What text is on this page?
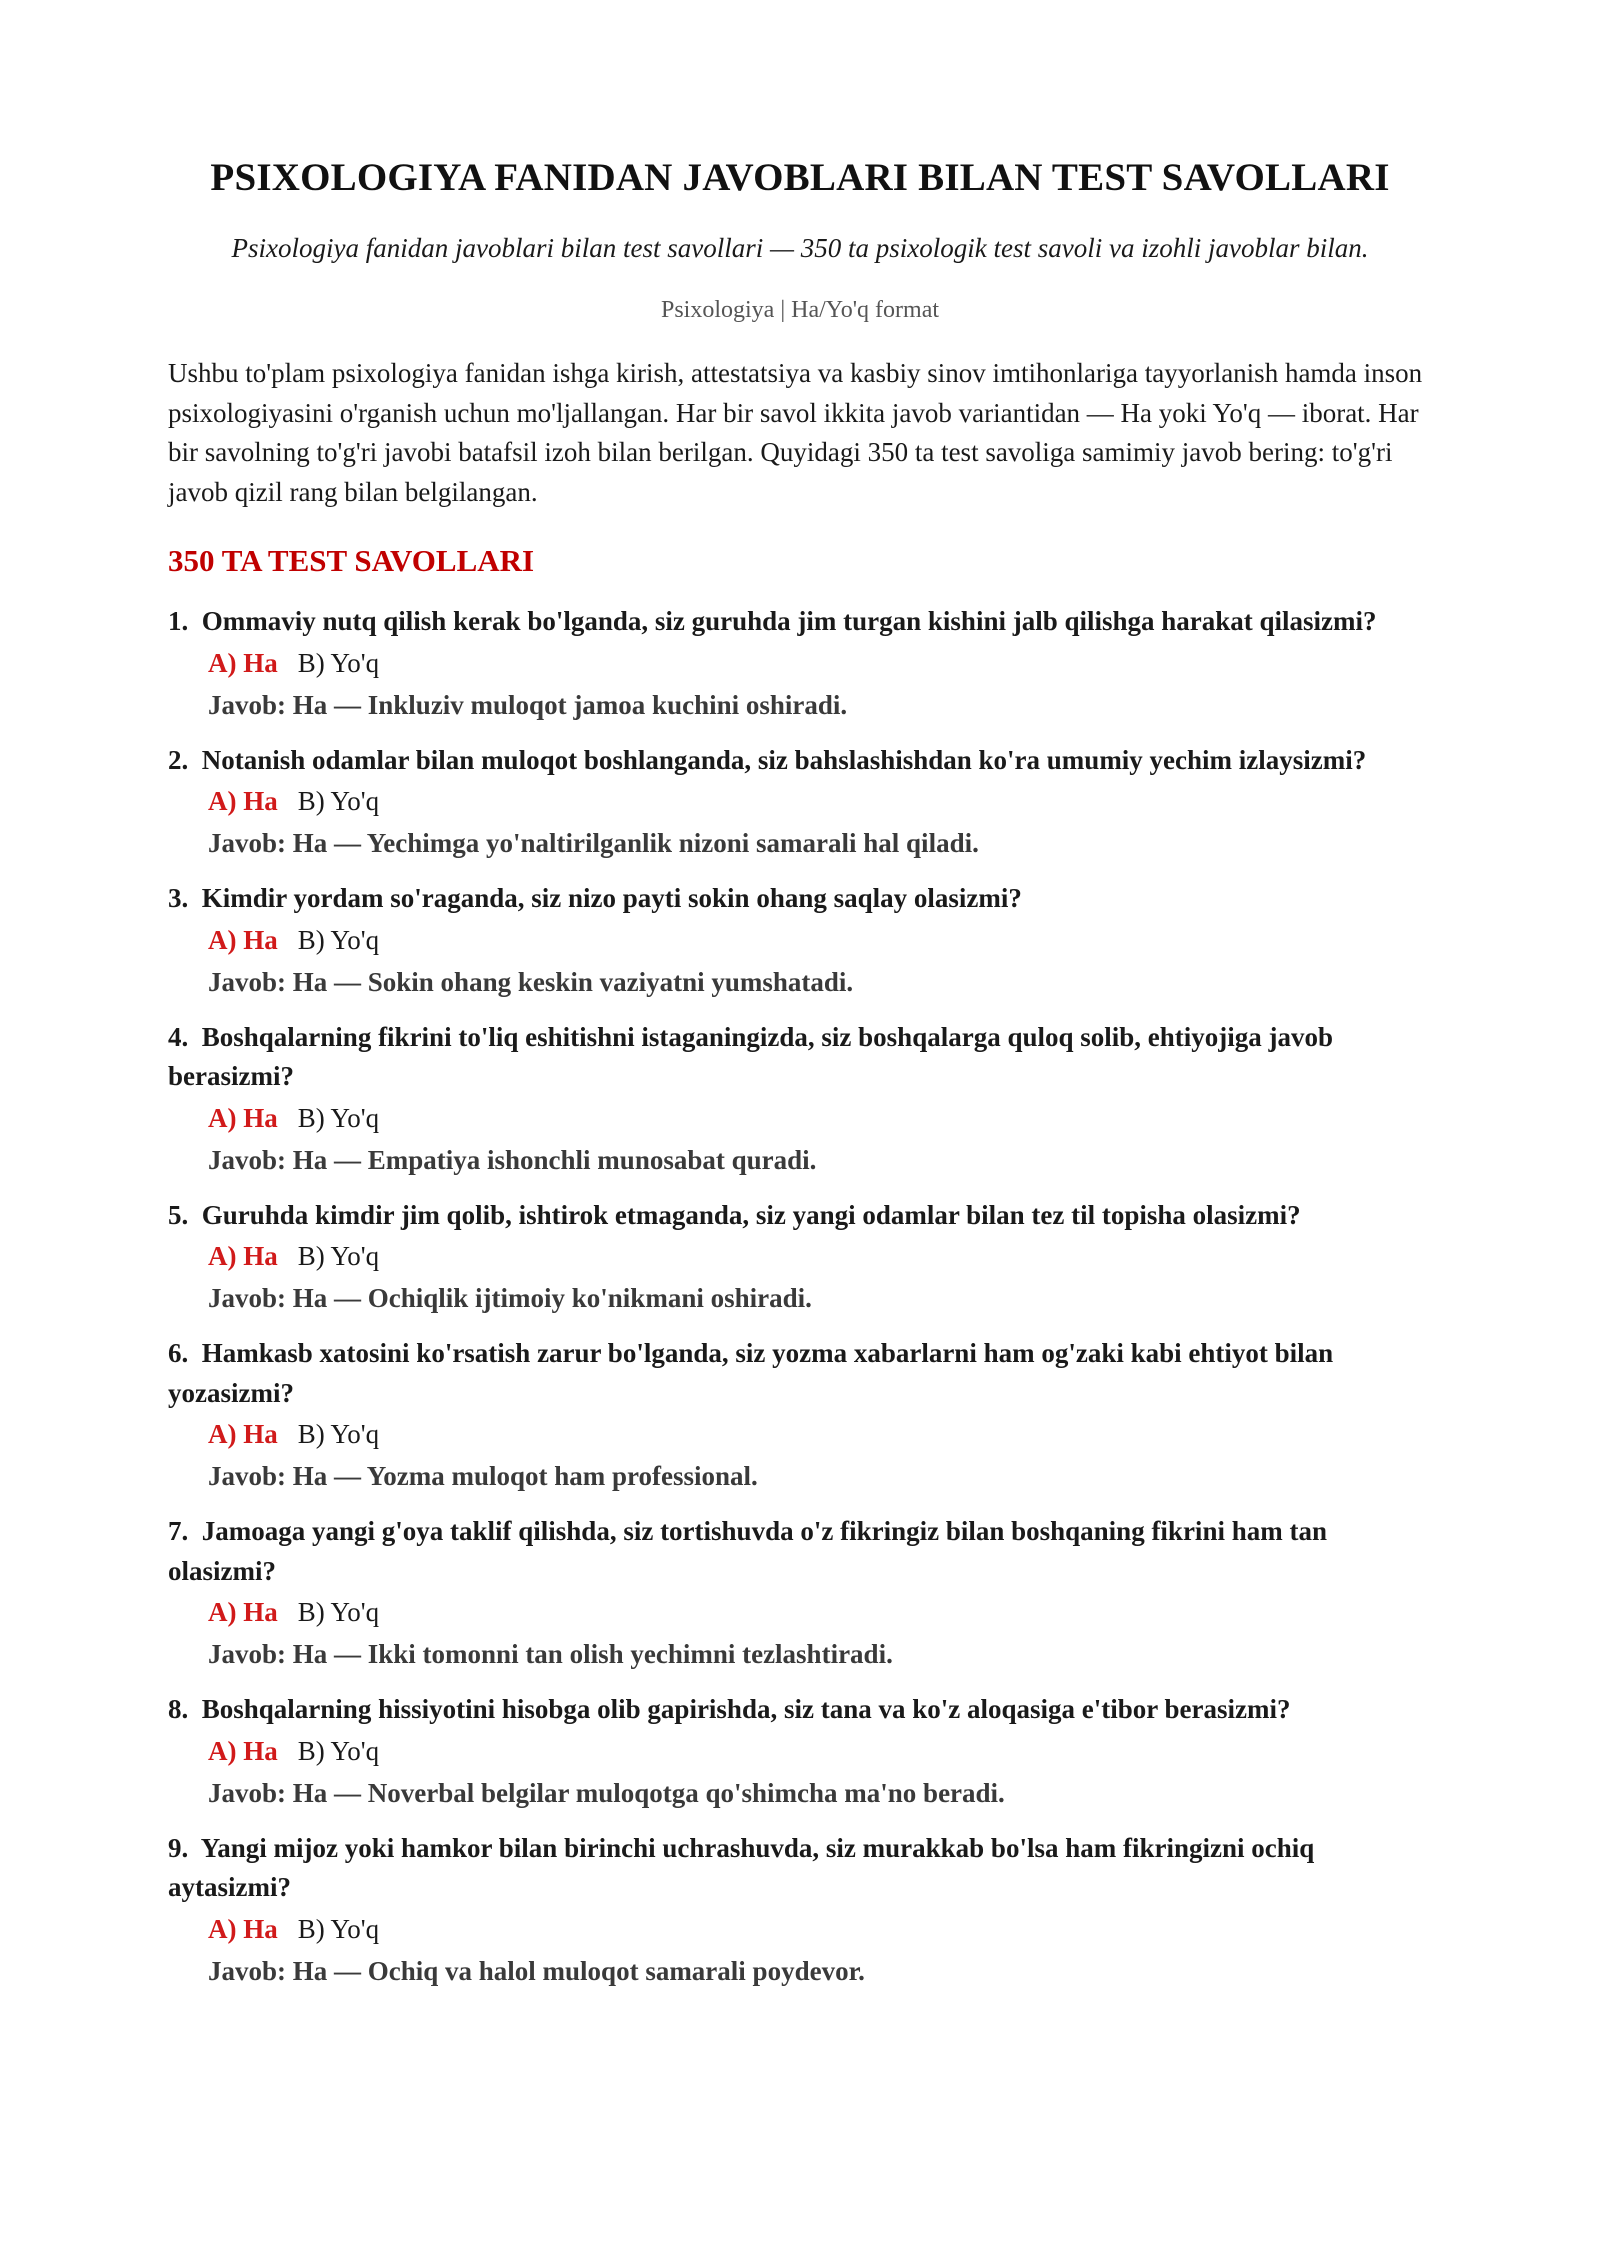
PSIXOLOGIYA FANIDAN JAVOBLARI BILAN TEST SAVOLLARI

Psixologiya fanidan javoblari bilan test savollari — 350 ta psixologik test savoli va izohli javoblar bilan.

Psixologiya | Ha/Yo'q format

Ushbu to'plam psixologiya fanidan ishga kirish, attestatsiya va kasbiy sinov imtihonlariga tayyorlanish hamda inson psixologiyasini o'rganish uchun mo'ljallangan. Har bir savol ikkita javob variantidan — Ha yoki Yo'q — iborat. Har bir savolning to'g'ri javobi batafsil izoh bilan berilgan. Quyidagi 350 ta test savoliga samimiy javob bering: to'g'ri javob qizil rang bilan belgilangan.

350 TA TEST SAVOLLARI
1. Ommaviy nutq qilish kerak bo'lganda, siz guruhda jim turgan kishini jalb qilishga harakat qilasizmi?
A) Ha B) Yo'q
Javob: Ha — Inkluziv muloqot jamoa kuchini oshiradi.
2. Notanish odamlar bilan muloqot boshlanganda, siz bahslashishdan ko'ra umumiy yechim izlaysizmi?
A) Ha B) Yo'q
Javob: Ha — Yechimga yo'naltirilganlik nizoni samarali hal qiladi.
3. Kimdir yordam so'raganda, siz nizo payti sokin ohang saqlay olasizmi?
A) Ha B) Yo'q
Javob: Ha — Sokin ohang keskin vaziyatni yumshatadi.
4. Boshqalarning fikrini to'liq eshitishni istaganingizda, siz boshqalarga quloq solib, ehtiyojiga javob berasizmi?
A) Ha B) Yo'q
Javob: Ha — Empatiya ishonchli munosabat quradi.
5. Guruhda kimdir jim qolib, ishtirok etmaganda, siz yangi odamlar bilan tez til topisha olasizmi?
A) Ha B) Yo'q
Javob: Ha — Ochiqlik ijtimoiy ko'nikmani oshiradi.
6. Hamkasb xatosini ko'rsatish zarur bo'lganda, siz yozma xabarlarni ham og'zaki kabi ehtiyot bilan yozasizmi?
A) Ha B) Yo'q
Javob: Ha — Yozma muloqot ham professional.
7. Jamoaga yangi g'oya taklif qilishda, siz tortishuvda o'z fikringiz bilan boshqaning fikrini ham tan olasizmi?
A) Ha B) Yo'q
Javob: Ha — Ikki tomonni tan olish yechimni tezlashtiradi.
8. Boshqalarning hissiyotini hisobga olib gapirishda, siz tana va ko'z aloqasiga e'tibor berasizmi?
A) Ha B) Yo'q
Javob: Ha — Noverbal belgilar muloqotga qo'shimcha ma'no beradi.
9. Yangi mijoz yoki hamkor bilan birinchi uchrashuvda, siz murakkab bo'lsa ham fikringizni ochiq aytasizmi?
A) Ha B) Yo'q
Javob: Ha — Ochiq va halol muloqot samarali poydevor.
